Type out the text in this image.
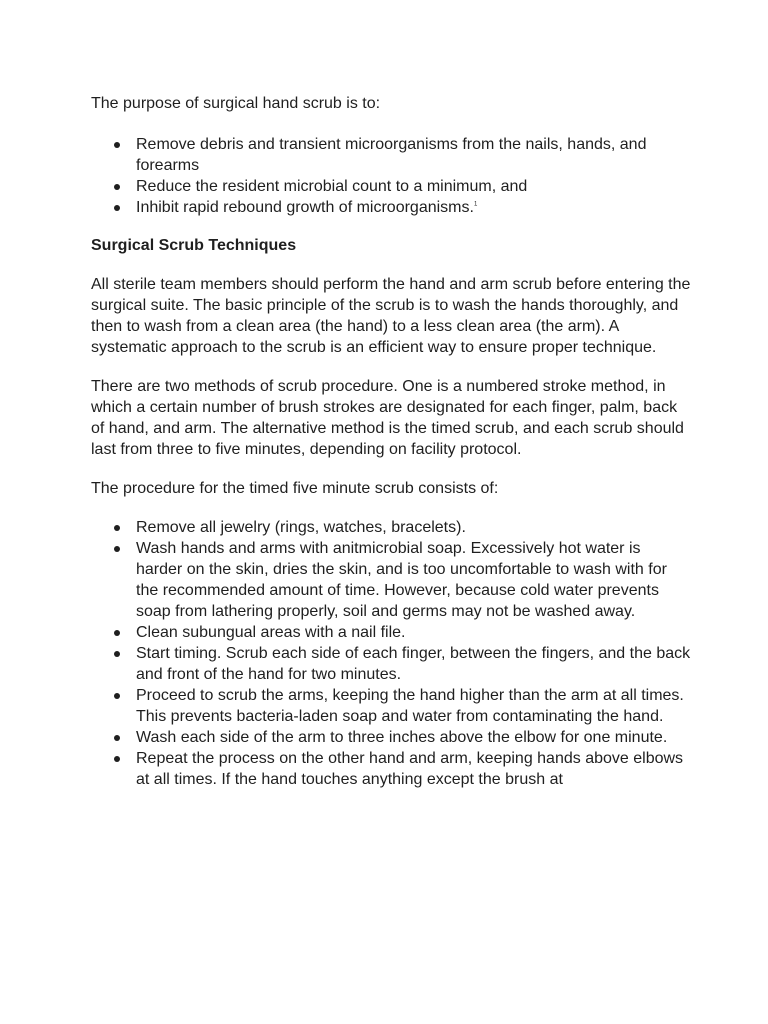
The purpose of surgical hand scrub is to:

Remove debris and transient microorganisms from the nails, hands, and forearms
Reduce the resident microbial count to a minimum, and
Inhibit rapid rebound growth of microorganisms.$^1$

Surgical Scrub Techniques

All sterile team members should perform the hand and arm scrub before entering the surgical suite. The basic principle of the scrub is to wash the hands thoroughly, and then to wash from a clean area (the hand) to a less clean area (the arm). A systematic approach to the scrub is an efficient way to ensure proper technique.

There are two methods of scrub procedure. One is a numbered stroke method, in which a certain number of brush strokes are designated for each finger, palm, back of hand, and arm. The alternative method is the timed scrub, and each scrub should last from three to five minutes, depending on facility protocol.

The procedure for the timed five minute scrub consists of:

Remove all jewelry (rings, watches, bracelets).
Wash hands and arms with anitmicrobial soap. Excessively hot water is harder on the skin, dries the skin, and is too uncomfortable to wash with for the recommended amount of time. However, because cold water prevents soap from lathering properly, soil and germs may not be washed away.
Clean subungual areas with a nail file.
Start timing. Scrub each side of each finger, between the fingers, and the back and front of the hand for two minutes.
Proceed to scrub the arms, keeping the hand higher than the arm at all times. This prevents bacteria-laden soap and water from contaminating the hand.
Wash each side of the arm to three inches above the elbow for one minute.
Repeat the process on the other hand and arm, keeping hands above elbows at all times. If the hand touches anything except the brush at
